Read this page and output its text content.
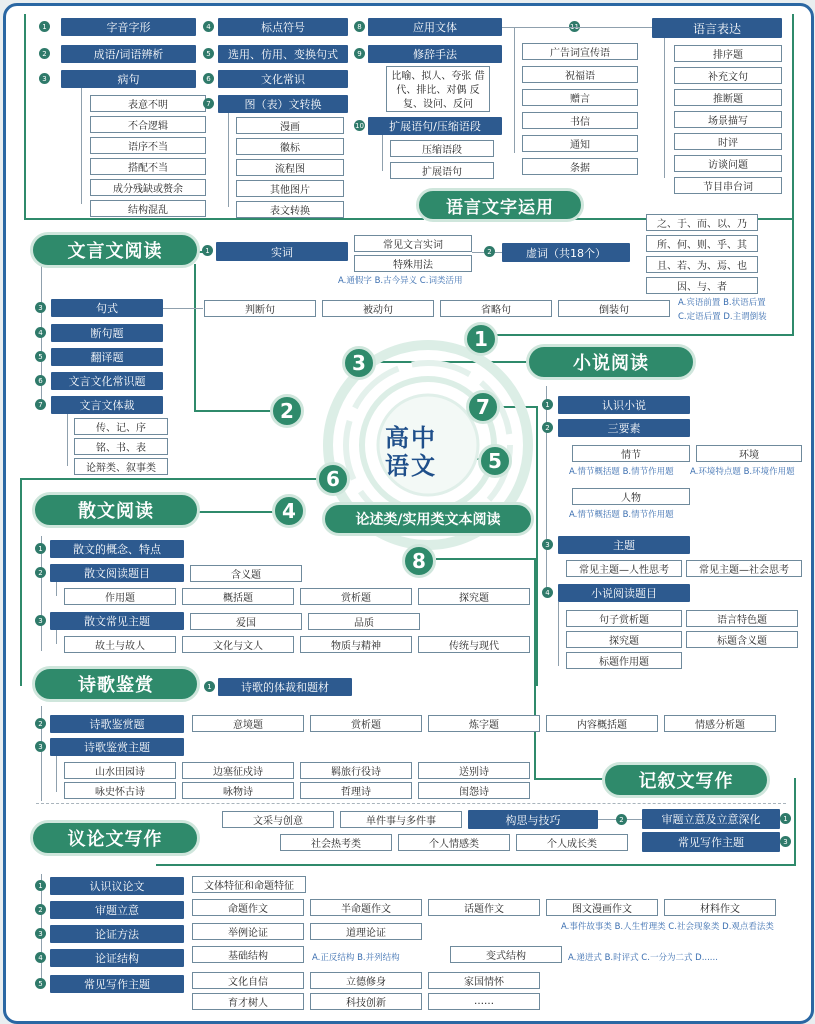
高中
语文
1	字音字形
2	成语/词语辨析
3	病句
表意不明
不合逻辑
语序不当
搭配不当
成分残缺或赘余
结构混乱
4	标点符号
5	选用、仿用、变换句式
6	文化常识
7	图（表）文转换
漫画
徽标
流程图
其他图片
表文转换
8	应用文体
9	修辞手法
比喻、拟人、夸张 借代、排比、对偶 反复、设问、反问
10	扩展语句/压缩语段
压缩语段
扩展语句
广告词宣传语
祝福语
赠言
书信
通知
条据
语言表达
排序题
补充文句
推断题
场景描写
时评
访谈问题
节目串台词
语言文字运用
1
文言文阅读	1	实词	常见文言实词
特殊用法
A.通假字 B.古今异义 C.词类活用
2	虚词（共18个）
之、于、而、以、乃
所、何、则、乎、其
且、若、为、焉、也
因、与、者
3	句式	判断句	被动句	省略句	倒装句
A.宾语前置 B.状语后置
C.定语后置 D.主谓倒装
4	断句题
5	翻译题
6	文言文化常识题
7	文言文体裁
传、记、序
铭、书、表
论辩类、叙事类
2
3	小说阅读
1	认识小说
2	三要素
情节
A.情节概括题 B.情节作用题
环境
A.环境特点题 B.环境作用题
人物
A.情节概括题 B.情节作用题
3	主题
常见主题—人性思考	常见主题—社会思考
4	小说阅读题目
句子赏析题	语言特色题
探究题	标题含义题
标题作用题
7
6
5
散文阅读	4	论述类/实用类文本阅读
8
1	散文的概念、特点
2	散文阅读题目	含义题
作用题	概括题	赏析题	探究题
3	散文常见主题	爱国	品质
故土与故人	文化与文人	物质与精神	传统与现代
诗歌鉴赏	1	诗歌的体裁和题材
2	诗歌鉴赏题	意境题	赏析题	炼字题	内容概括题	情感分析题
3	诗歌鉴赏主题
山水田园诗	边塞征戍诗	羁旅行役诗	送别诗
咏史怀古诗	咏物诗	哲理诗	闺怨诗
记叙文写作
文采与创意	单件事与多件事	构思与技巧	2	审题立意及立意深化	1
社会热考类	个人情感类	个人成长类	常见写作主题	3
议论文写作
1	认识议论文	文体特征和命题特征
2	审题立意	命题作文	半命题作文	话题作文	图文漫画作文	材料作文
A.事件故事类 B.人生哲理类 C.社会现象类 D.观点看法类
3	论证方法	举例论证	道理论证
4	论证结构	基础结构	A.正反结构 B.并列结构	变式结构	A.递进式 B.时评式 C.一分为二式 D......
5	常见写作主题	文化自信	立德修身	家国情怀
育才树人	科技创新	……
